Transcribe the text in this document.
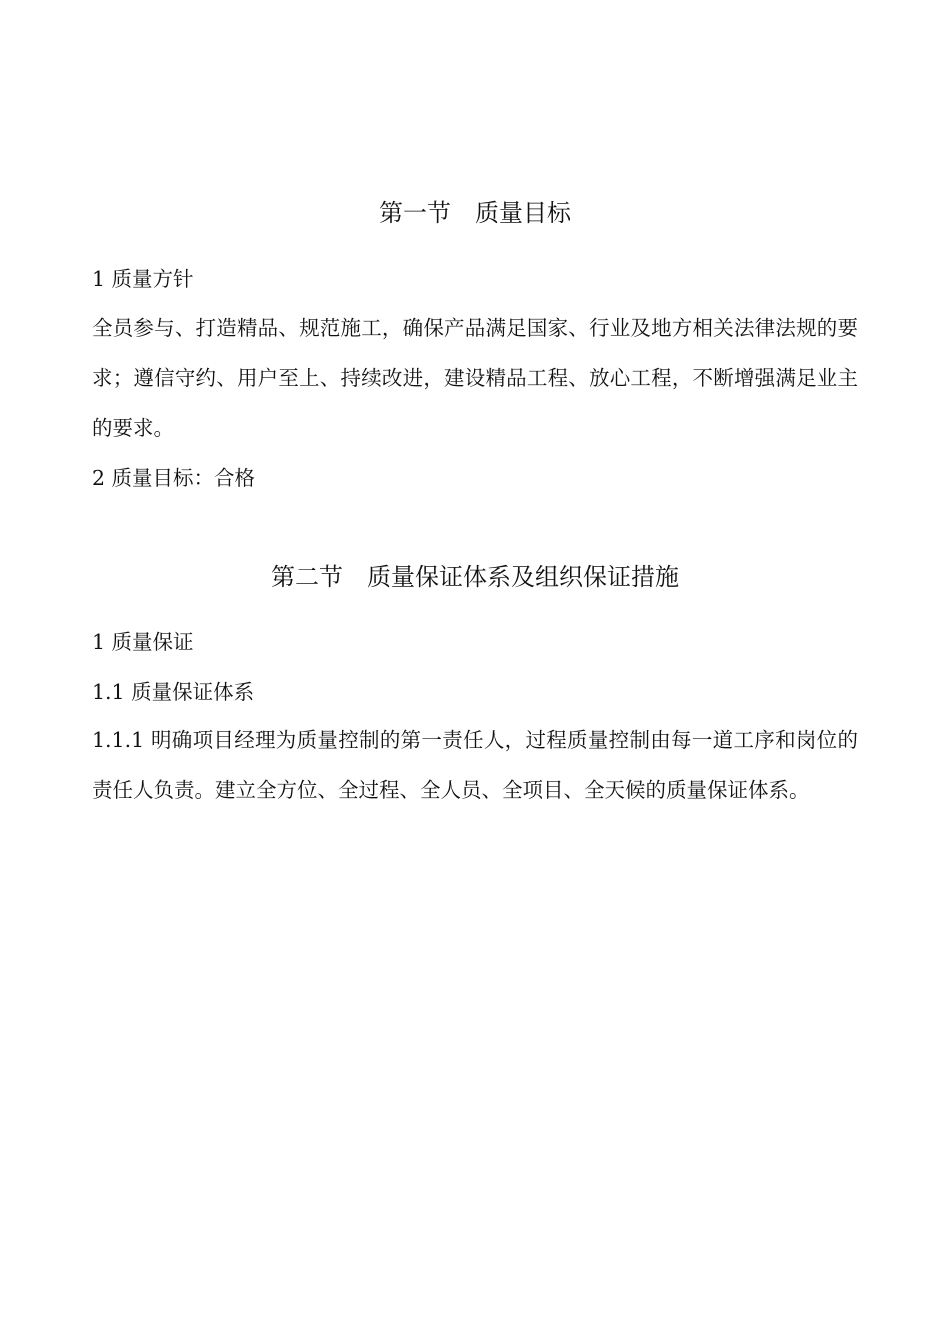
第一节　质量目标
1 质量方针
全员参与、打造精品、规范施工，确保产品满足国家、行业及地方相关法律法规的要求；遵信守约、用户至上、持续改进，建设精品工程、放心工程，不断增强满足业主的要求。
2 质量目标：合格
第二节　质量保证体系及组织保证措施
1 质量保证
1.1 质量保证体系
1.1.1 明确项目经理为质量控制的第一责任人，过程质量控制由每一道工序和岗位的责任人负责。建立全方位、全过程、全人员、全项目、全天候的质量保证体系。
